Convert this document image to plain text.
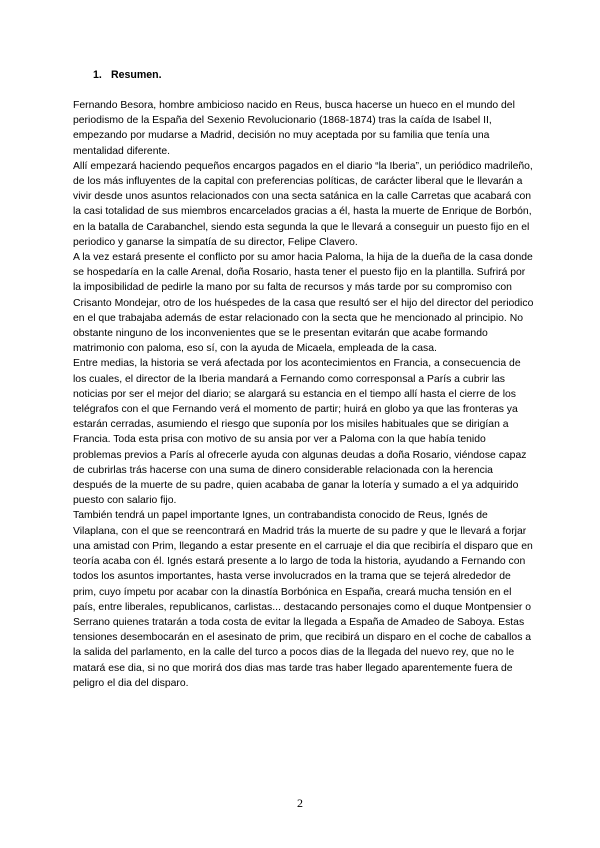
1. Resumen.

Fernando Besora, hombre ambicioso nacido en Reus, busca hacerse un hueco en el mundo del periodismo de la España del Sexenio Revolucionario (1868-1874) tras la caída de Isabel II, empezando por mudarse a Madrid, decisión no muy aceptada por su familia que tenía una mentalidad diferente.

Allí empezará haciendo pequeños encargos pagados en el diario “la Iberia”, un periódico madrileño, de los más influyentes de la capital con preferencias políticas, de carácter liberal que le llevarán a vivir desde unos asuntos relacionados con una secta satánica en la calle Carretas que acabará con la casi totalidad de sus miembros encarcelados gracias a él, hasta la muerte de Enrique de Borbón, en la batalla de Carabanchel, siendo esta segunda la que le llevará a conseguir un puesto fijo en el periodico y ganarse la simpatía de su director, Felipe Clavero.

A la vez estará presente el conflicto por su amor hacia Paloma, la hija de la dueña de la casa donde se hospedaría en la calle Arenal, doña Rosario, hasta tener el puesto fijo en la plantilla. Sufrirá por la imposibilidad de pedirle la mano por su falta de recursos y más tarde por su compromiso con Crisanto Mondejar, otro de los huéspedes de la casa que resultó ser el hijo del director del periodico en el que trabajaba además de estar relacionado con la secta que he mencionado al principio. No obstante ninguno de los inconvenientes que se le presentan evitarán que acabe formando matrimonio con paloma, eso sí, con la ayuda de Micaela, empleada de la casa.

Entre medias, la historia se verá afectada por los acontecimientos en Francia, a consecuencia de los cuales, el director de la Iberia mandará a Fernando como corresponsal a París a cubrir las noticias por ser el mejor del diario; se alargará su estancia en el tiempo allí hasta el cierre de los telégrafos con el que Fernando verá el momento de partir; huirá en globo ya que las fronteras ya estarán cerradas, asumiendo el riesgo que suponía por los misiles habituales que se dirigían a Francia. Toda esta prisa con motivo de su ansia por ver a Paloma con la que había tenido problemas previos a París al ofrecerle ayuda con algunas deudas a doña Rosario, viéndose capaz de cubrirlas trás hacerse con una suma de dinero considerable relacionada con la herencia después de la muerte de su padre, quien acababa de ganar la lotería y sumado a el ya adquirido puesto con salario fijo.

También tendrá un papel importante Ignes, un contrabandista conocido de Reus, Ignés de Vilaplana, con el que se reencontrará en Madrid trás la muerte de su padre y que le llevará a forjar una amistad con Prim, llegando a estar presente en el carruaje el dia que recibiría el disparo que en teoría acaba con él. Ignés estará presente a lo largo de toda la historia, ayudando a Fernando con todos los asuntos importantes, hasta verse involucrados en la trama que se tejerá alrededor de prim, cuyo ímpetu por acabar con la dinastía Borbónica en España, creará mucha tensión en el país, entre liberales, republicanos, carlistas... destacando personajes como el duque Montpensier o Serrano quienes tratarán a toda costa de evitar la llegada a España de Amadeo de Saboya. Estas tensiones desembocarán en el asesinato de prim, que recibirá un disparo en el coche de caballos a la salida del parlamento, en la calle del turco a pocos dias de la llegada del nuevo rey, que no le matará ese dia, si no que morirá dos dias mas tarde tras haber llegado aparentemente fuera de peligro el dia del disparo.

2
